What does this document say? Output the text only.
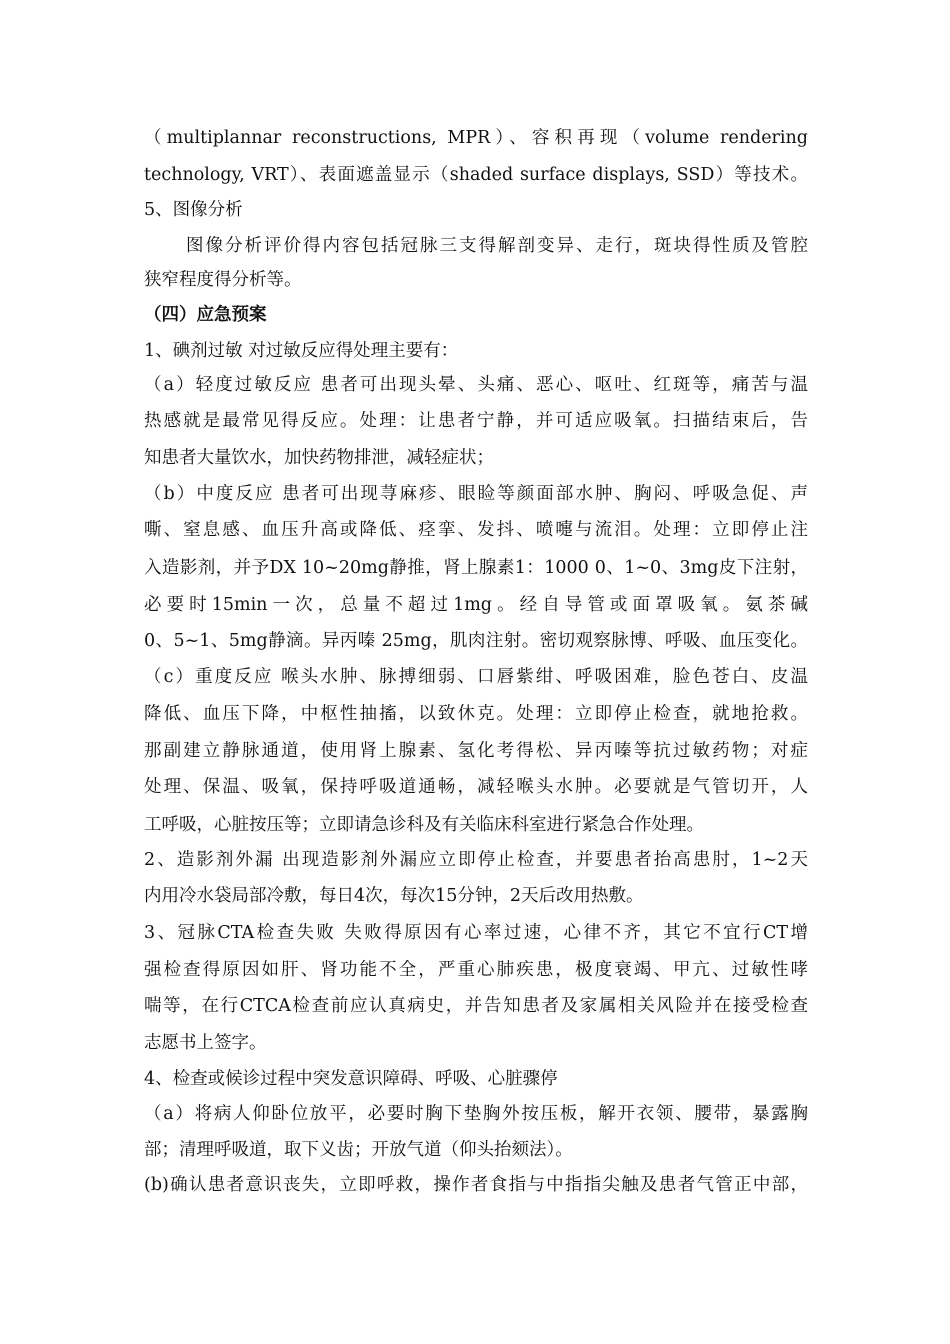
（multiplannar reconstructions, MPR）、容积再现（volume rendering
technology, VRT）、表面遮盖显示（shaded surface displays, SSD）等技术。
5、图像分析
图像分析评价得内容包括冠脉三支得解剖变异、走行，斑块得性质及管腔
狭窄程度得分析等。
（四）应急预案
1、碘剂过敏 对过敏反应得处理主要有：
（a）轻度过敏反应 患者可出现头晕、头痛、恶心、呕吐、红斑等，痛苦与温
热感就是最常见得反应。处理：让患者宁静，并可适应吸氧。扫描结束后，告
知患者大量饮水，加快药物排泄，减轻症状；
（b）中度反应 患者可出现荨麻疹、眼睑等颜面部水肿、胸闷、呼吸急促、声
嘶、窒息感、血压升高或降低、痉挛、发抖、喷嚏与流泪。处理：立即停止注
入造影剂，并予DX 10~20mg静推，肾上腺素1：1000 0、1~0、3mg皮下注射，
必要时15min一次，总量不超过1mg。经自导管或面罩吸氧。氨茶碱
0、5~1、5mg静滴。异丙嗪 25mg，肌肉注射。密切观察脉博、呼吸、血压变化。
（c）重度反应 喉头水肿、脉搏细弱、口唇紫绀、呼吸困难，脸色苍白、皮温
降低、血压下降，中枢性抽搐，以致休克。处理：立即停止检查，就地抢救。
那副建立静脉通道，使用肾上腺素、氢化考得松、异丙嗪等抗过敏药物；对症
处理、保温、吸氧，保持呼吸道通畅，减轻喉头水肿。必要就是气管切开，人
工呼吸，心脏按压等；立即请急诊科及有关临床科室进行紧急合作处理。
2、造影剂外漏 出现造影剂外漏应立即停止检查，并要患者抬高患肘，1~2天
内用冷水袋局部冷敷，每日4次，每次15分钟，2天后改用热敷。
3、冠脉CTA检查失败 失败得原因有心率过速，心律不齐，其它不宜行CT增
强检查得原因如肝、肾功能不全，严重心肺疾患，极度衰竭、甲亢、过敏性哮
喘等，在行CTCA检查前应认真病史，并告知患者及家属相关风险并在接受检查
志愿书上签字。
4、检查或候诊过程中突发意识障碍、呼吸、心脏骤停
（a）将病人仰卧位放平，必要时胸下垫胸外按压板，解开衣领、腰带，暴露胸
部；清理呼吸道，取下义齿；开放气道（仰头抬颏法）。
(b)确认患者意识丧失，立即呼救，操作者食指与中指指尖触及患者气管正中部，
